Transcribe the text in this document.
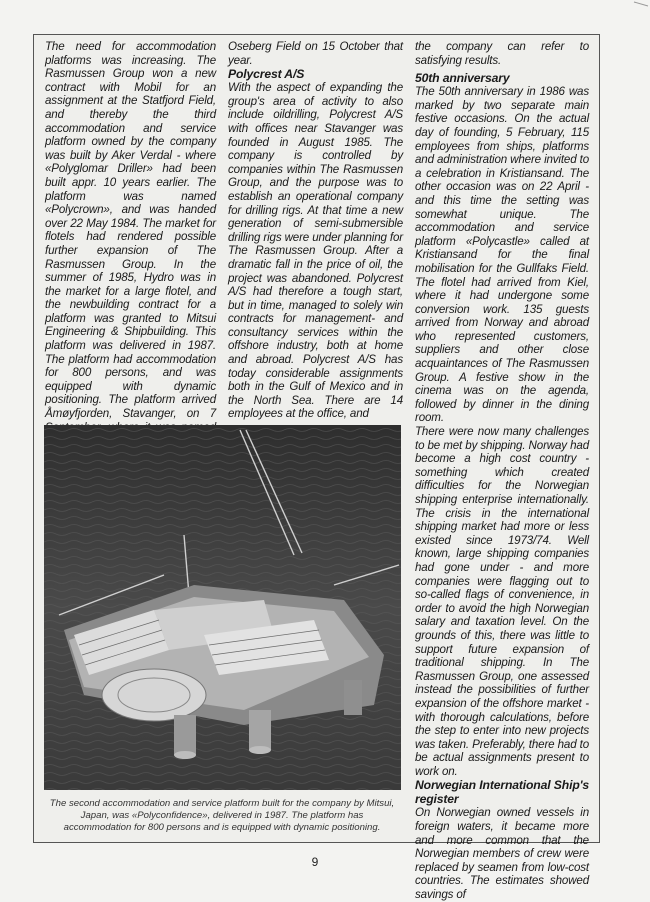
The need for accommodation platforms was increasing. The Rasmussen Group won a new contract with Mobil for an assignment at the Statfjord Field, and thereby the third accommodation and service platform owned by the company was built by Aker Verdal - where «Polyglomar Driller» had been built appr. 10 years earlier. The platform was named «Polycrown», and was handed over 22 May 1984. The market for flotels had rendered possible further expansion of The Rasmussen Group. In the summer of 1985, Hydro was in the market for a large flotel, and the newbuilding contract for a platform was granted to Mitsui Engineering & Shipbuilding. This platform was delivered in 1987. The platform had accommodation for 800 persons, and was equipped with dynamic positioning. The platform arrived Åmøyfjorden, Stavanger, on 7

Oseberg Field on 15 October that year.

Polycrest A/S

With the aspect of expanding the group's area of activity to also include oildrilling, Polycrest A/S with offices near Stavanger was founded in August 1985. The company is controlled by companies within The Rasmussen Group, and the purpose was to establish an operational company for drilling rigs. At that time a new generation of semi-submersible drilling rigs were under planning for The Rasmussen Group. After a dramatic fall in the price of oil, the project was abandoned. Polycrest A/S had therefore a tough start, but in time, managed to solely win contracts for management- and consultancy services within the offshore industry, both at home and abroad. Polycrest A/S has today considerable assignments both in the Gulf of Mexico and in the North Sea. There are 14 employees at the office, and

the company can refer to satisfying results.

50th anniversary

The 50th anniversary in 1986 was marked by two separate main festive occasions. On the actual day of founding, 5 February, 115 employees from ships, platforms and administration where invited to a celebration in Kristiansand. The other occasion was on 22 April - and this time the setting was somewhat unique. The accommodation and service platform «Polycastle» called at Kristiansand for the final mobilisation for the Gullfaks Field. The flotel had arrived from Kiel, where it had undergone some conversion work. 135 guests arrived from Norway and abroad who represented customers, suppliers and other close acquaintances of The Rasmussen Group. A festive show in the cinema was on the agenda, followed by dinner in the dining room.

There were now many challenges to be met by shipping. Norway had become a high cost country - something which created difficulties for the Norwegian shipping enterprise internationally. The crisis in the international shipping market had more or less existed since 1973/74. Well known, large shipping companies had gone under - and more companies were flagging out to so-called flags of convenience, in order to avoid the high Norwegian salary and taxation level. On the grounds of this, there was little to support future expansion of traditional shipping. In The Rasmussen Group, one assessed instead the possibilities of further expansion of the offshore market - with thorough calculations, before the step to enter into new projects was taken. Preferably, there had to be actual assignments present to work on.

Norwegian International Ship's register

On Norwegian owned vessels in foreign waters, it became more and more common that the Norwegian members of crew were replaced by seamen from low-cost countries. The estimates showed savings of

The second accommodation and service platform built for the company by Mitsui, Japan, was «Polyconfidence», delivered in 1987. The platform has accommodation for 800 persons and is equipped with dynamic positioning.
9
